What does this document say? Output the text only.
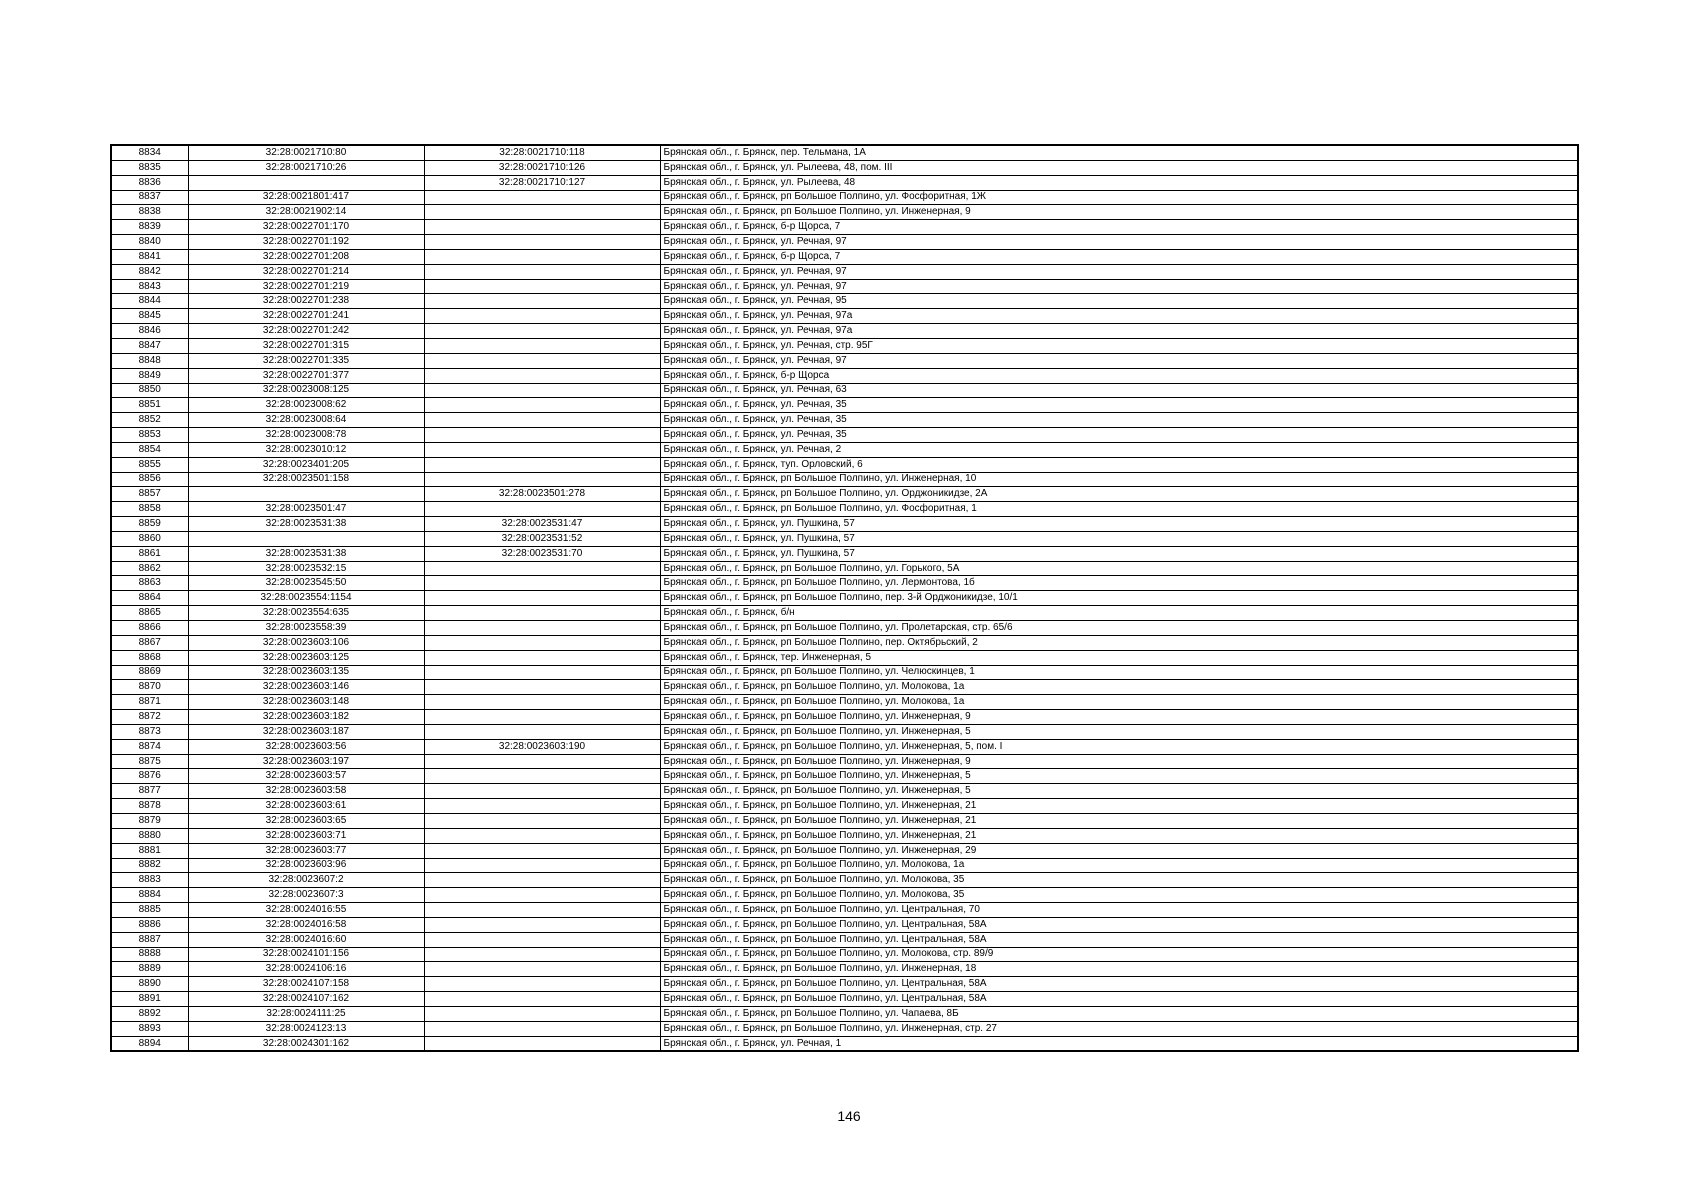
8834	32:28:0021710:80	32:28:0021710:118	Брянская обл., г. Брянск, пер. Тельмана, 1А
8835	32:28:0021710:26	32:28:0021710:126	Брянская обл., г. Брянск, ул. Рылеева, 48, пом. III
8836		32:28:0021710:127	Брянская обл., г. Брянск, ул. Рылеева, 48
8837	32:28:0021801:417		Брянская обл., г. Брянск, рп Большое Полпино, ул. Фосфоритная, 1Ж
8838	32:28:0021902:14		Брянская обл., г. Брянск, рп Большое Полпино, ул. Инженерная, 9
8839	32:28:0022701:170		Брянская обл., г. Брянск, б-р Щорса, 7
8840	32:28:0022701:192		Брянская обл., г. Брянск, ул. Речная, 97
8841	32:28:0022701:208		Брянская обл., г. Брянск, б-р Щорса, 7
8842	32:28:0022701:214		Брянская обл., г. Брянск, ул. Речная, 97
8843	32:28:0022701:219		Брянская обл., г. Брянск, ул. Речная, 97
8844	32:28:0022701:238		Брянская обл., г. Брянск, ул. Речная, 95
8845	32:28:0022701:241		Брянская обл., г. Брянск, ул. Речная, 97а
8846	32:28:0022701:242		Брянская обл., г. Брянск, ул. Речная, 97а
8847	32:28:0022701:315		Брянская обл., г. Брянск, ул. Речная, стр. 95Г
8848	32:28:0022701:335		Брянская обл., г. Брянск, ул. Речная, 97
8849	32:28:0022701:377		Брянская обл., г. Брянск, б-р Щорса
8850	32:28:0023008:125		Брянская обл., г. Брянск, ул. Речная, 63
8851	32:28:0023008:62		Брянская обл., г. Брянск, ул. Речная, 35
8852	32:28:0023008:64		Брянская обл., г. Брянск, ул. Речная, 35
8853	32:28:0023008:78		Брянская обл., г. Брянск, ул. Речная, 35
8854	32:28:0023010:12		Брянская обл., г. Брянск, ул. Речная, 2
8855	32:28:0023401:205		Брянская обл., г. Брянск, туп. Орловский, 6
8856	32:28:0023501:158		Брянская обл., г. Брянск, рп Большое Полпино, ул. Инженерная, 10
8857		32:28:0023501:278	Брянская обл., г. Брянск, рп Большое Полпино, ул. Орджоникидзе, 2А
8858	32:28:0023501:47		Брянская обл., г. Брянск, рп Большое Полпино, ул. Фосфоритная, 1
8859	32:28:0023531:38	32:28:0023531:47	Брянская обл., г. Брянск, ул. Пушкина, 57
8860		32:28:0023531:52	Брянская обл., г. Брянск, ул. Пушкина, 57
8861	32:28:0023531:38	32:28:0023531:70	Брянская обл., г. Брянск, ул. Пушкина, 57
8862	32:28:0023532:15		Брянская обл., г. Брянск, рп Большое Полпино, ул. Горького, 5А
8863	32:28:0023545:50		Брянская обл., г. Брянск, рп Большое Полпино, ул. Лермонтова, 1б
8864	32:28:0023554:1154		Брянская обл., г. Брянск, рп Большое Полпино, пер. 3-й Орджоникидзе, 10/1
8865	32:28:0023554:635		Брянская обл., г. Брянск, б/н
8866	32:28:0023558:39		Брянская обл., г. Брянск, рп Большое Полпино, ул. Пролетарская, стр. 65/6
8867	32:28:0023603:106		Брянская обл., г. Брянск, рп Большое Полпино, пер. Октябрьский, 2
8868	32:28:0023603:125		Брянская обл., г. Брянск, тер. Инженерная, 5
8869	32:28:0023603:135		Брянская обл., г. Брянск, рп Большое Полпино, ул. Челюскинцев, 1
8870	32:28:0023603:146		Брянская обл., г. Брянск, рп Большое Полпино, ул. Молокова, 1а
8871	32:28:0023603:148		Брянская обл., г. Брянск, рп Большое Полпино, ул. Молокова, 1а
8872	32:28:0023603:182		Брянская обл., г. Брянск, рп Большое Полпино, ул. Инженерная, 9
8873	32:28:0023603:187		Брянская обл., г. Брянск, рп Большое Полпино, ул. Инженерная, 5
8874	32:28:0023603:56	32:28:0023603:190	Брянская обл., г. Брянск, рп Большое Полпино, ул. Инженерная, 5, пом. I
8875	32:28:0023603:197		Брянская обл., г. Брянск, рп Большое Полпино, ул. Инженерная, 9
8876	32:28:0023603:57		Брянская обл., г. Брянск, рп Большое Полпино, ул. Инженерная, 5
8877	32:28:0023603:58		Брянская обл., г. Брянск, рп Большое Полпино, ул. Инженерная, 5
8878	32:28:0023603:61		Брянская обл., г. Брянск, рп Большое Полпино, ул. Инженерная, 21
8879	32:28:0023603:65		Брянская обл., г. Брянск, рп Большое Полпино, ул. Инженерная, 21
8880	32:28:0023603:71		Брянская обл., г. Брянск, рп Большое Полпино, ул. Инженерная, 21
8881	32:28:0023603:77		Брянская обл., г. Брянск, рп Большое Полпино, ул. Инженерная, 29
8882	32:28:0023603:96		Брянская обл., г. Брянск, рп Большое Полпино, ул. Молокова, 1а
8883	32:28:0023607:2		Брянская обл., г. Брянск, рп Большое Полпино, ул. Молокова, 35
8884	32:28:0023607:3		Брянская обл., г. Брянск, рп Большое Полпино, ул. Молокова, 35
8885	32:28:0024016:55		Брянская обл., г. Брянск, рп Большое Полпино, ул. Центральная, 70
8886	32:28:0024016:58		Брянская обл., г. Брянск, рп Большое Полпино, ул. Центральная, 58А
8887	32:28:0024016:60		Брянская обл., г. Брянск, рп Большое Полпино, ул. Центральная, 58А
8888	32:28:0024101:156		Брянская обл., г. Брянск, рп Большое Полпино, ул. Молокова, стр. 89/9
8889	32:28:0024106:16		Брянская обл., г. Брянск, рп Большое Полпино, ул. Инженерная, 18
8890	32:28:0024107:158		Брянская обл., г. Брянск, рп Большое Полпино, ул. Центральная, 58А
8891	32:28:0024107:162		Брянская обл., г. Брянск, рп Большое Полпино, ул. Центральная, 58А
8892	32:28:0024111:25		Брянская обл., г. Брянск, рп Большое Полпино, ул. Чапаева, 8Б
8893	32:28:0024123:13		Брянская обл., г. Брянск, рп Большое Полпино, ул. Инженерная, стр. 27
8894	32:28:0024301:162		Брянская обл., г. Брянск, ул. Речная, 1
146
